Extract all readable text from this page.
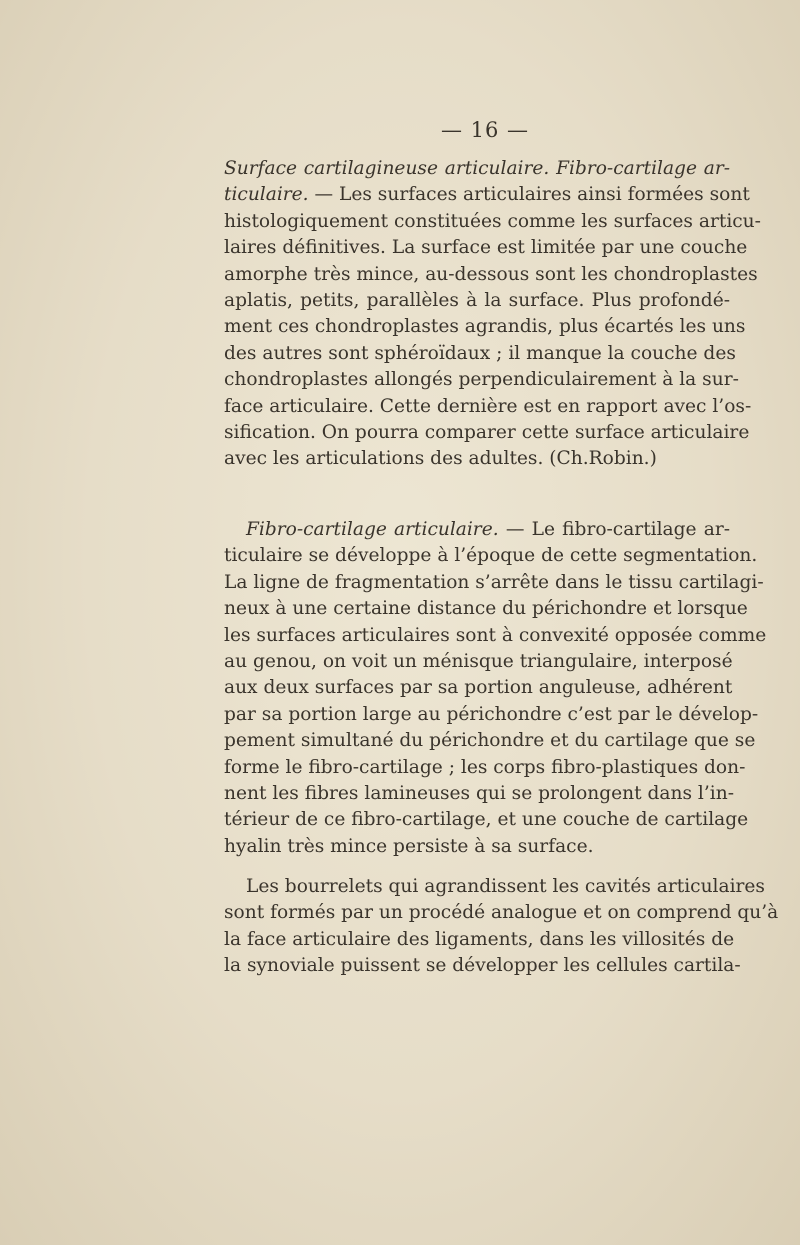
— 16 —
Surface cartilagineuse articulaire. Fibro-cartilage ar-
ticulaire. — Les surfaces articulaires ainsi formées sont
histologiquement constituées comme les surfaces articu-
laires définitives. La surface est limitée par une couche
amorphe très mince, au-dessous sont les chondroplastes
aplatis, petits, parallèles à la surface. Plus profondé-
ment ces chondroplastes agrandis, plus écartés les uns
des autres sont sphéroïdaux ; il manque la couche des
chondroplastes allongés perpendiculairement à la sur-
face articulaire. Cette dernière est en rapport avec l’os-
sification. On pourra comparer cette surface articulaire
avec les articulations des adultes. (Ch.Robin.)
Fibro-cartilage articulaire. — Le fibro-cartilage ar-
ticulaire se développe à l’époque de cette segmentation.
La ligne de fragmentation s’arrête dans le tissu cartilagi-
neux à une certaine distance du périchondre et lorsque
les surfaces articulaires sont à convexité opposée comme
au genou, on voit un ménisque triangulaire, interposé
aux deux surfaces par sa portion anguleuse, adhérent
par sa portion large au périchondre c’est par le dévelop-
pement simultané du périchondre et du cartilage que se
forme le fibro-cartilage ; les corps fibro-plastiques don-
nent les fibres lamineuses qui se prolongent dans l’in-
térieur de ce fibro-cartilage, et une couche de cartilage
hyalin très mince persiste à sa surface.
Les bourrelets qui agrandissent les cavités articulaires
sont formés par un procédé analogue et on comprend qu’à
la face articulaire des ligaments, dans les villosités de
la synoviale puissent se développer les cellules cartila-
